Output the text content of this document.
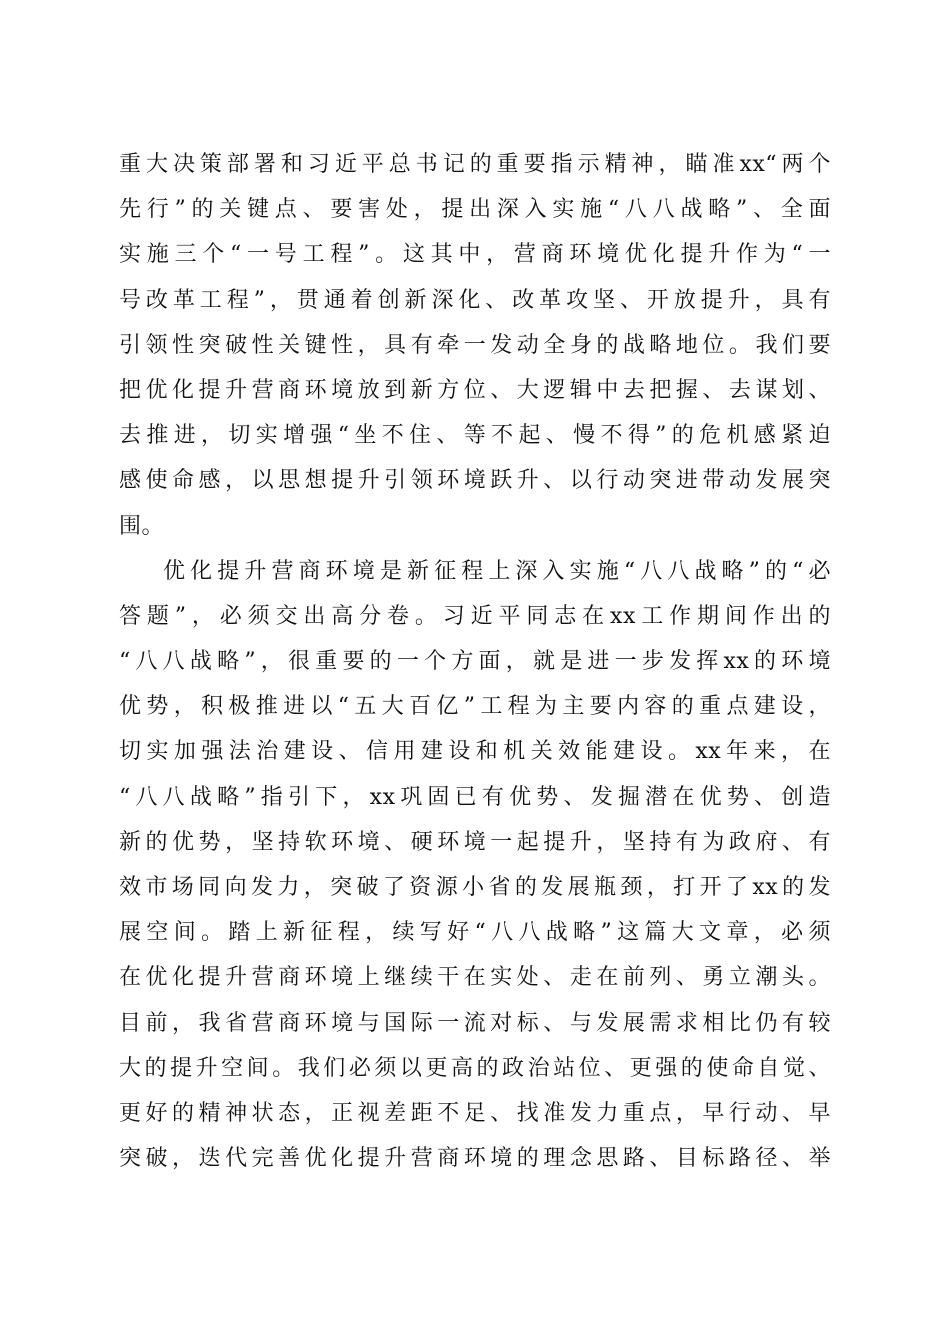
重大决策部署和习近平总书记的重要指示精神，瞄准xx“两个
先行”的关键点、要害处，提出深入实施“八八战略”、全面
实施三个“一号工程”。这其中，营商环境优化提升作为“一
号改革工程”，贯通着创新深化、改革攻坚、开放提升，具有
引领性突破性关键性，具有牵一发动全身的战略地位。我们要
把优化提升营商环境放到新方位、大逻辑中去把握、去谋划、
去推进，切实增强“坐不住、等不起、慢不得”的危机感紧迫
感使命感，以思想提升引领环境跃升、以行动突进带动发展突
围。
优化提升营商环境是新征程上深入实施“八八战略”的“必
答题”，必须交出高分卷。习近平同志在xx工作期间作出的
“八八战略”，很重要的一个方面，就是进一步发挥xx的环境
优势，积极推进以“五大百亿”工程为主要内容的重点建设，
切实加强法治建设、信用建设和机关效能建设。xx年来，在
“八八战略”指引下，xx巩固已有优势、发掘潜在优势、创造
新的优势，坚持软环境、硬环境一起提升，坚持有为政府、有
效市场同向发力，突破了资源小省的发展瓶颈，打开了xx的发
展空间。踏上新征程，续写好“八八战略”这篇大文章，必须
在优化提升营商环境上继续干在实处、走在前列、勇立潮头。
目前，我省营商环境与国际一流对标、与发展需求相比仍有较
大的提升空间。我们必须以更高的政治站位、更强的使命自觉、
更好的精神状态，正视差距不足、找准发力重点，早行动、早
突破，迭代完善优化提升营商环境的理念思路、目标路径、举
